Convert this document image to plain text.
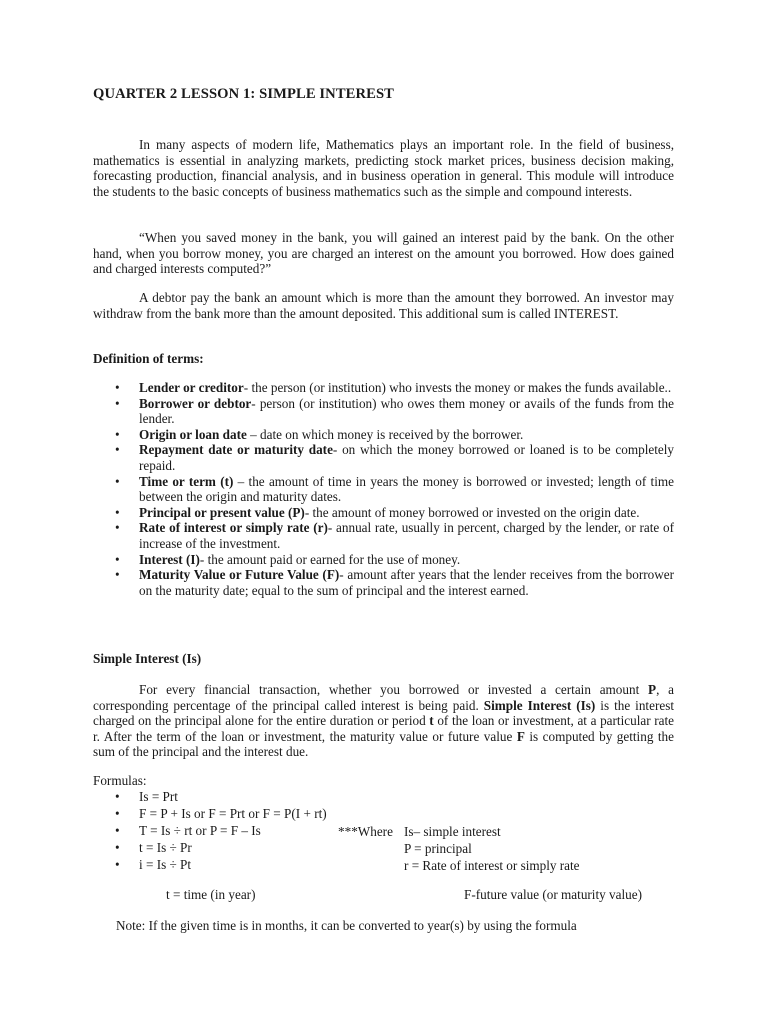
QUARTER 2 LESSON 1: SIMPLE INTEREST

In many aspects of modern life, Mathematics plays an important role. In the field of business, mathematics is essential in analyzing markets, predicting stock market prices, business decision making, forecasting production, financial analysis, and in business operation in general. This module will introduce the students to the basic concepts of business mathematics such as the simple and compound interests.

“When you saved money in the bank, you will gained an interest paid by the bank. On the other hand, when you borrow money, you are charged an interest on the amount you borrowed. How does gained and charged interests computed?”

A debtor pay the bank an amount which is more than the amount they borrowed. An investor may withdraw from the bank more than the amount deposited. This additional sum is called INTEREST.

Definition of terms:
• Lender or creditor- the person (or institution) who invests the money or makes the funds available..
• Borrower or debtor- person (or institution) who owes them money or avails of the funds from the lender.
• Origin or loan date – date on which money is received by the borrower.
• Repayment date or maturity date- on which the money borrowed or loaned is to be completely repaid.
• Time or term (t) – the amount of time in years the money is borrowed or invested; length of time between the origin and maturity dates.
• Principal or present value (P)- the amount of money borrowed or invested on the origin date.
• Rate of interest or simply rate (r)- annual rate, usually in percent, charged by the lender, or rate of increase of the investment.
• Interest (I)- the amount paid or earned for the use of money.
• Maturity Value or Future Value (F)- amount after years that the lender receives from the borrower on the maturity date; equal to the sum of principal and the interest earned.
Simple Interest (Is)

For every financial transaction, whether you borrowed or invested a certain amount P, a corresponding percentage of the principal called interest is being paid. Simple Interest (Is) is the interest charged on the principal alone for the entire duration or period t of the loan or investment, at a particular rate r. After the term of the loan or investment, the maturity value or future value F is computed by getting the sum of the principal and the interest due.

Formulas:
• Is = Prt
• F = P + Is or F = Prt or F = P(I + rt)
• T = Is ÷ rt or P = F – Is
• t = Is ÷ Pr
• i = Is ÷ Pt
***Where Is– simple interest
P = principal
r = Rate of interest or simply rate
t = time (in year)	F-future value (or maturity value)
Note: If the given time is in months, it can be converted to year(s) by using the formula
